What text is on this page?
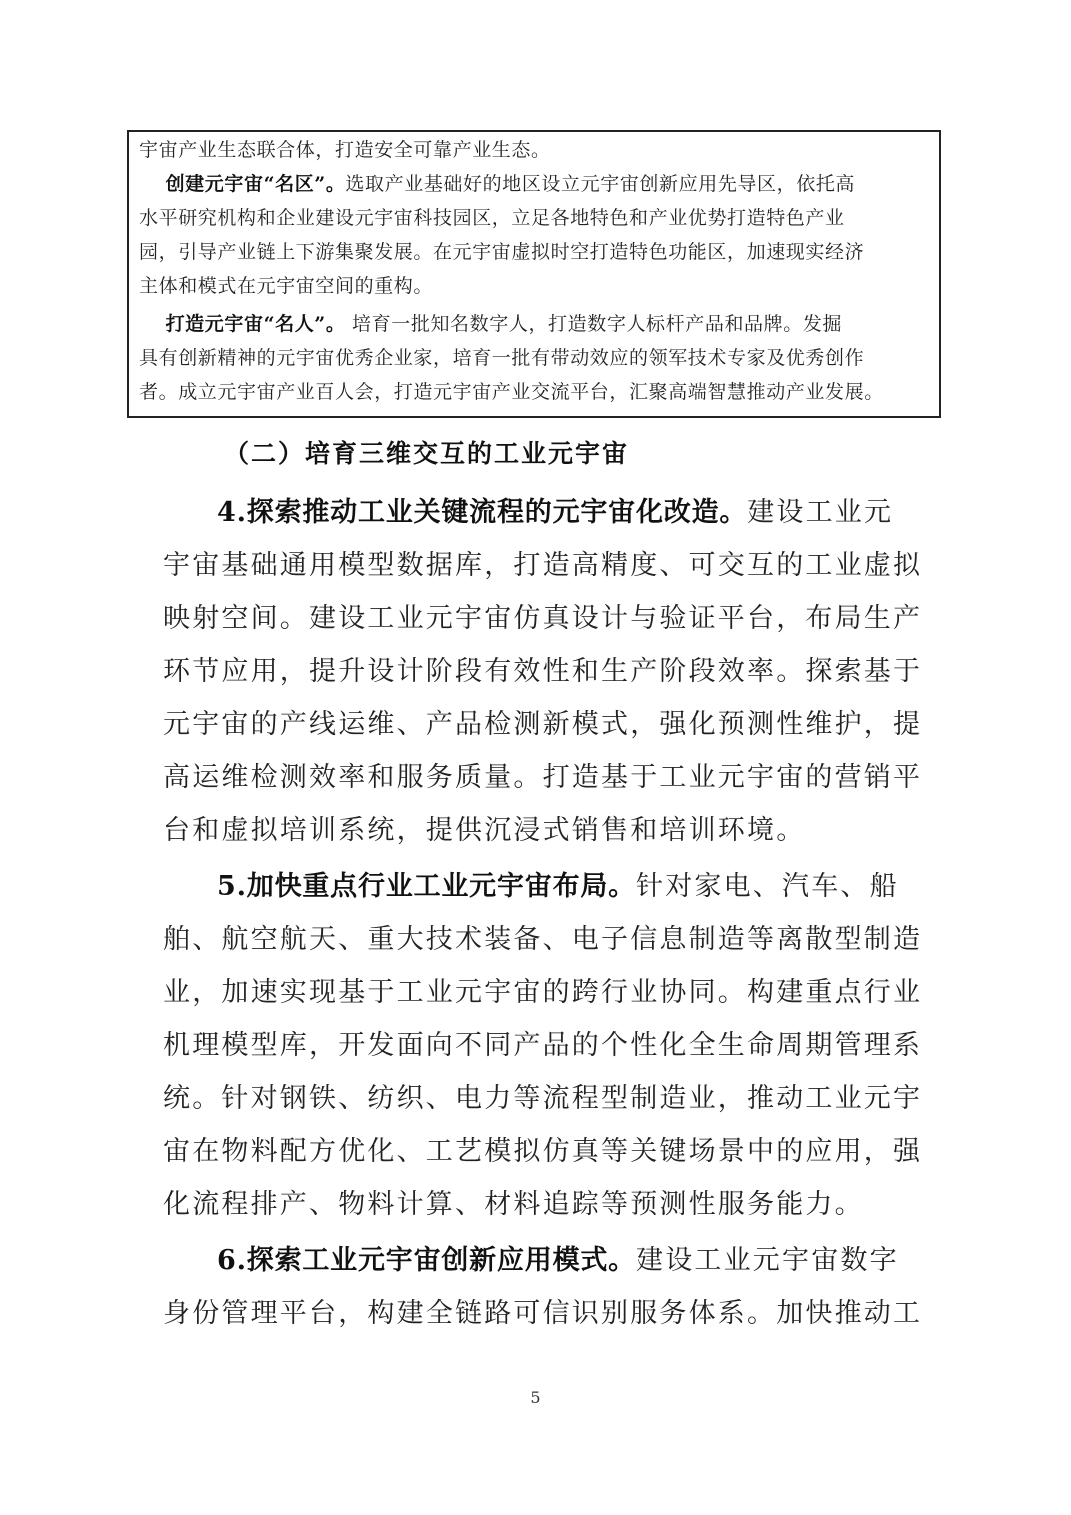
宇宙产业生态联合体，打造安全可靠产业生态。
创建元宇宙“名区”。选取产业基础好的地区设立元宇宙创新应用先导区，依托高
水平研究机构和企业建设元宇宙科技园区，立足各地特色和产业优势打造特色产业
园，引导产业链上下游集聚发展。在元宇宙虚拟时空打造特色功能区，加速现实经济
主体和模式在元宇宙空间的重构。
打造元宇宙“名人”。 培育一批知名数字人，打造数字人标杆产品和品牌。发掘
具有创新精神的元宇宙优秀企业家，培育一批有带动效应的领军技术专家及优秀创作
者。成立元宇宙产业百人会，打造元宇宙产业交流平台，汇聚高端智慧推动产业发展。
（二）培育三维交互的工业元宇宙
4.探索推动工业关键流程的元宇宙化改造。建设工业元
宇宙基础通用模型数据库，打造高精度、可交互的工业虚拟
映射空间。建设工业元宇宙仿真设计与验证平台，布局生产
环节应用，提升设计阶段有效性和生产阶段效率。探索基于
元宇宙的产线运维、产品检测新模式，强化预测性维护，提
高运维检测效率和服务质量。打造基于工业元宇宙的营销平
台和虚拟培训系统，提供沉浸式销售和培训环境。
5.加快重点行业工业元宇宙布局。针对家电、汽车、船
舶、航空航天、重大技术装备、电子信息制造等离散型制造
业，加速实现基于工业元宇宙的跨行业协同。构建重点行业
机理模型库，开发面向不同产品的个性化全生命周期管理系
统。针对钢铁、纺织、电力等流程型制造业，推动工业元宇
宙在物料配方优化、工艺模拟仿真等关键场景中的应用，强
化流程排产、物料计算、材料追踪等预测性服务能力。
6.探索工业元宇宙创新应用模式。建设工业元宇宙数字
身份管理平台，构建全链路可信识别服务体系。加快推动工
5
